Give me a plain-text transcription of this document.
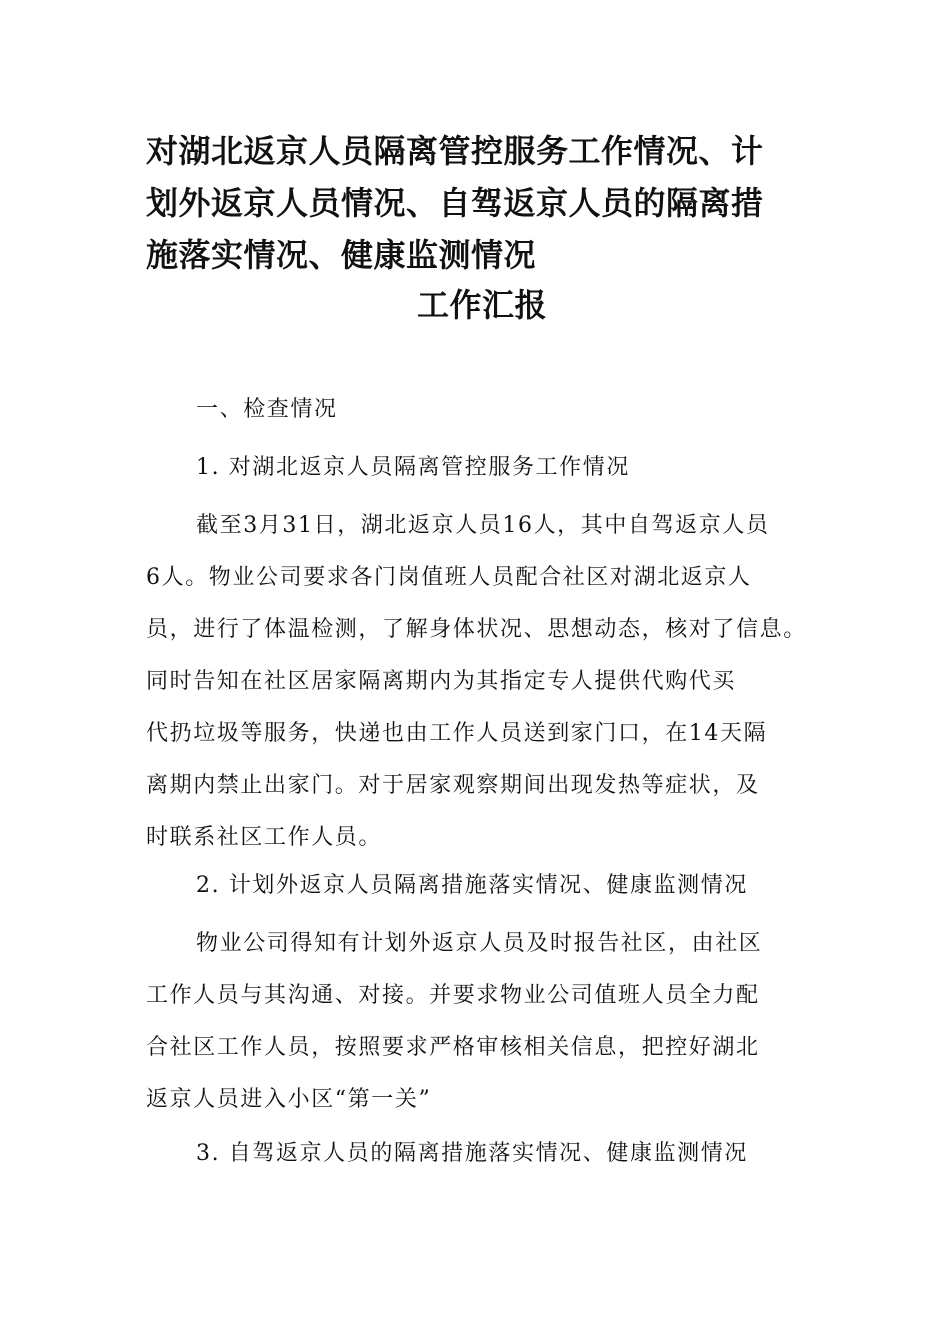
对湖北返京人员隔离管控服务工作情况、计
划外返京人员情况、自驾返京人员的隔离措
施落实情况、健康监测情况
工作汇报
一、检查情况
1. 对湖北返京人员隔离管控服务工作情况
截至3月31日，湖北返京人员16人，其中自驾返京人员
6人。物业公司要求各门岗值班人员配合社区对湖北返京人
员，进行了体温检测，了解身体状况、思想动态，核对了信息。
同时告知在社区居家隔离期内为其指定专人提供代购代买
代扔垃圾等服务，快递也由工作人员送到家门口，在14天隔
离期内禁止出家门。对于居家观察期间出现发热等症状，及
时联系社区工作人员。
2. 计划外返京人员隔离措施落实情况、健康监测情况
物业公司得知有计划外返京人员及时报告社区，由社区
工作人员与其沟通、对接。并要求物业公司值班人员全力配
合社区工作人员，按照要求严格审核相关信息，把控好湖北
返京人员进入小区“第一关”
3. 自驾返京人员的隔离措施落实情况、健康监测情况
